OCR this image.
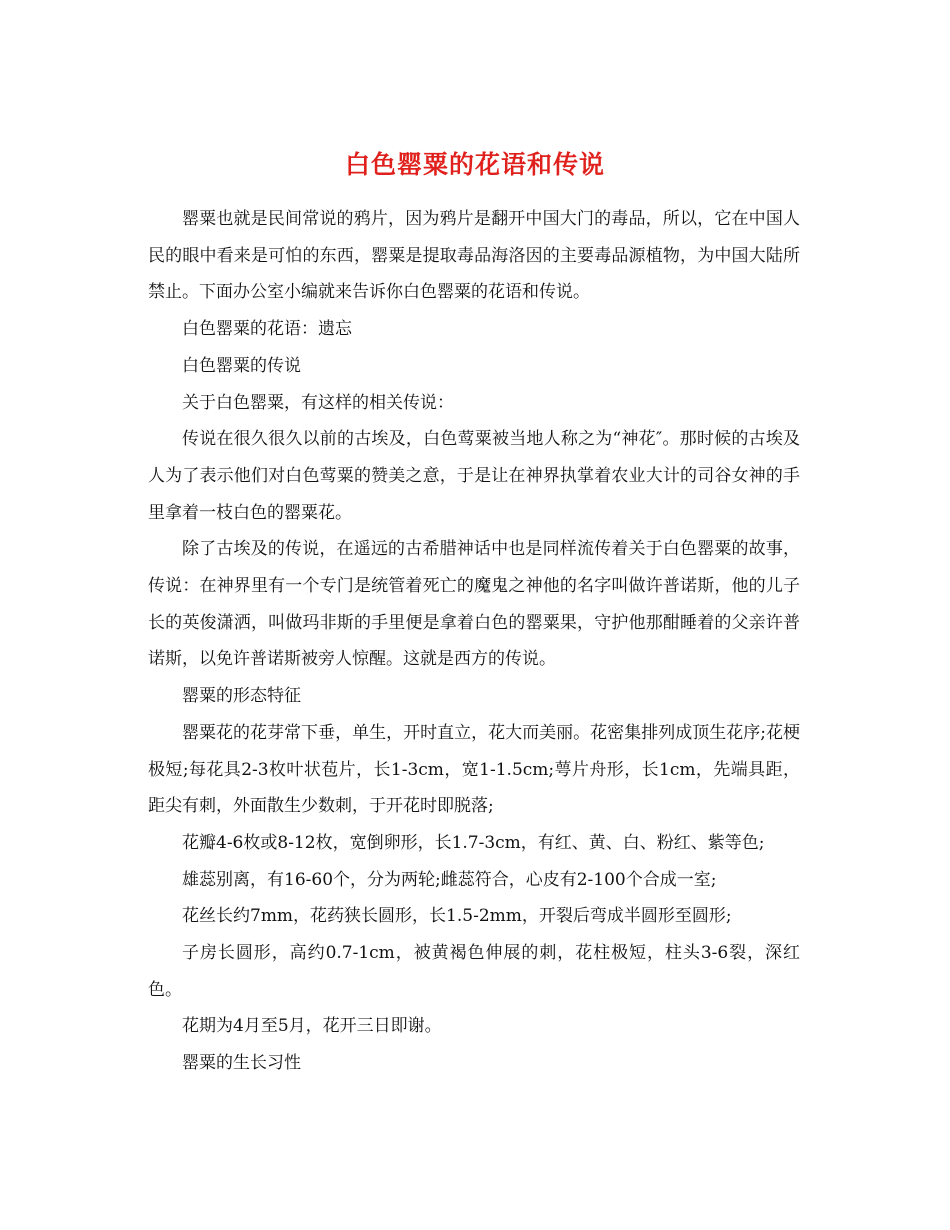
白色罂粟的花语和传说

罂粟也就是民间常说的鸦片，因为鸦片是翻开中国大门的毒品，所以，它在中国人民的眼中看来是可怕的东西，罂粟是提取毒品海洛因的主要毒品源植物，为中国大陆所禁止。下面办公室小编就来告诉你白色罂粟的花语和传说。

白色罂粟的花语：遗忘

白色罂粟的传说

关于白色罂粟，有这样的相关传说：

传说在很久很久以前的古埃及，白色莺粟被当地人称之为“神花″。那时候的古埃及人为了表示他们对白色莺粟的赞美之意，于是让在神界执掌着农业大计的司谷女神的手里拿着一枝白色的罂粟花。

除了古埃及的传说，在遥远的古希腊神话中也是同样流传着关于白色罂粟的故事，传说：在神界里有一个专门是统管着死亡的魔鬼之神他的名字叫做许普诺斯，他的儿子长的英俊潇洒，叫做玛非斯的手里便是拿着白色的罂粟果，守护他那酣睡着的父亲许普诺斯，以免许普诺斯被旁人惊醒。这就是西方的传说。

罂粟的形态特征

罂粟花的花芽常下垂，单生，开时直立，花大而美丽。花密集排列成顶生花序;花梗极短;每花具2-3枚叶状苞片，长1-3cm，宽1-1.5cm;萼片舟形，长1cm，先端具距，距尖有刺，外面散生少数刺，于开花时即脱落;

花瓣4-6枚或8-12枚，宽倒卵形，长1.7-3cm，有红、黄、白、粉红、紫等色;

雄蕊别离，有16-60个，分为两轮;雌蕊符合，心皮有2-100个合成一室;

花丝长约7mm，花药狭长圆形，长1.5-2mm，开裂后弯成半圆形至圆形;

子房长圆形，高约0.7-1cm，被黄褐色伸展的刺，花柱极短，柱头3-6裂，深红色。

花期为4月至5月，花开三日即谢。

罂粟的生长习性
